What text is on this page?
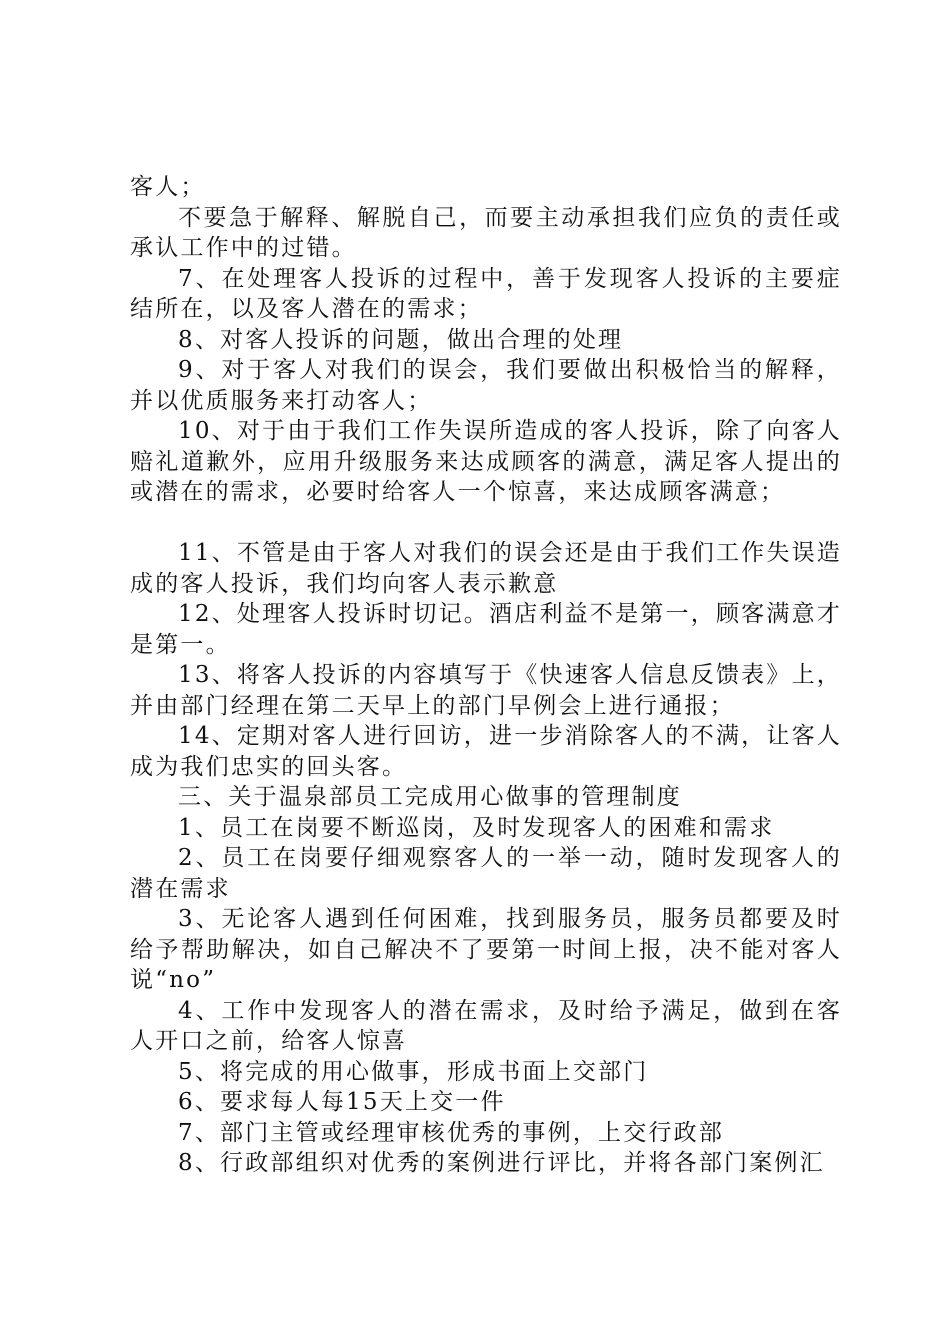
客人；

不要急于解释、解脱自己，而要主动承担我们应负的责任或承认工作中的过错。

7、在处理客人投诉的过程中，善于发现客人投诉的主要症结所在，以及客人潜在的需求；

8、对客人投诉的问题，做出合理的处理

9、对于客人对我们的误会，我们要做出积极恰当的解释，并以优质服务来打动客人；

10、对于由于我们工作失误所造成的客人投诉，除了向客人赔礼道歉外，应用升级服务来达成顾客的满意，满足客人提出的或潜在的需求，必要时给客人一个惊喜，来达成顾客满意；

11、不管是由于客人对我们的误会还是由于我们工作失误造成的客人投诉，我们均向客人表示歉意

12、处理客人投诉时切记。酒店利益不是第一，顾客满意才是第一。

13、将客人投诉的内容填写于《快速客人信息反馈表》上，并由部门经理在第二天早上的部门早例会上进行通报；

14、定期对客人进行回访，进一步消除客人的不满，让客人成为我们忠实的回头客。

三、关于温泉部员工完成用心做事的管理制度

1、员工在岗要不断巡岗，及时发现客人的困难和需求

2、员工在岗要仔细观察客人的一举一动，随时发现客人的潜在需求

3、无论客人遇到任何困难，找到服务员，服务员都要及时给予帮助解决，如自己解决不了要第一时间上报，决不能对客人说“no”

4、工作中发现客人的潜在需求，及时给予满足，做到在客人开口之前，给客人惊喜

5、将完成的用心做事，形成书面上交部门

6、要求每人每15天上交一件

7、部门主管或经理审核优秀的事例，上交行政部

8、行政部组织对优秀的案例进行评比，并将各部门案例汇
